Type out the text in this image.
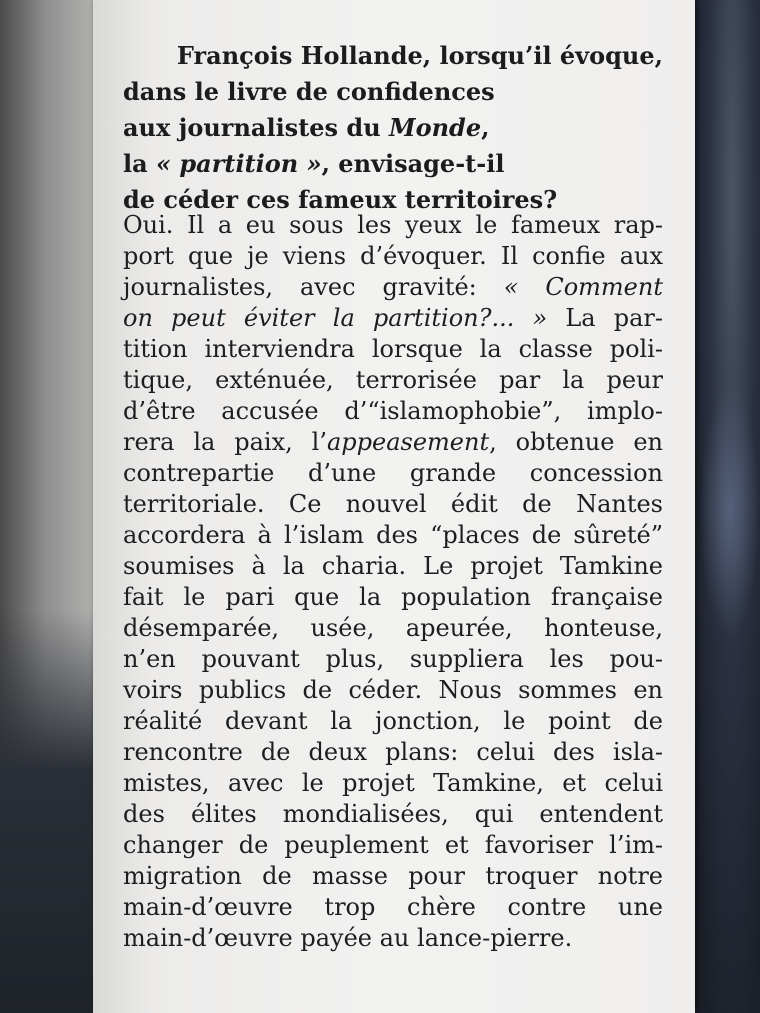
François Hollande, lorsqu’il évoque,
dans le livre de confidences
aux journalistes du Monde,
la « partition », envisage-t-il
de céder ces fameux territoires?
Oui. Il a eu sous les yeux le fameux rap-
port que je viens d’évoquer. Il confie aux
journalistes, avec gravité: « Comment
on peut éviter la partition?... » La par-
tition interviendra lorsque la classe poli-
tique, exténuée, terrorisée par la peur
d’être accusée d’“islamophobie”, implo-
rera la paix, l’appeasement, obtenue en
contrepartie d’une grande concession
territoriale. Ce nouvel édit de Nantes
accordera à l’islam des “places de sûreté”
soumises à la charia. Le projet Tamkine
fait le pari que la population française
désemparée, usée, apeurée, honteuse,
n’en pouvant plus, suppliera les pou-
voirs publics de céder. Nous sommes en
réalité devant la jonction, le point de
rencontre de deux plans: celui des isla-
mistes, avec le projet Tamkine, et celui
des élites mondialisées, qui entendent
changer de peuplement et favoriser l’im-
migration de masse pour troquer notre
main-d’œuvre trop chère contre une
main-d’œuvre payée au lance-pierre.
